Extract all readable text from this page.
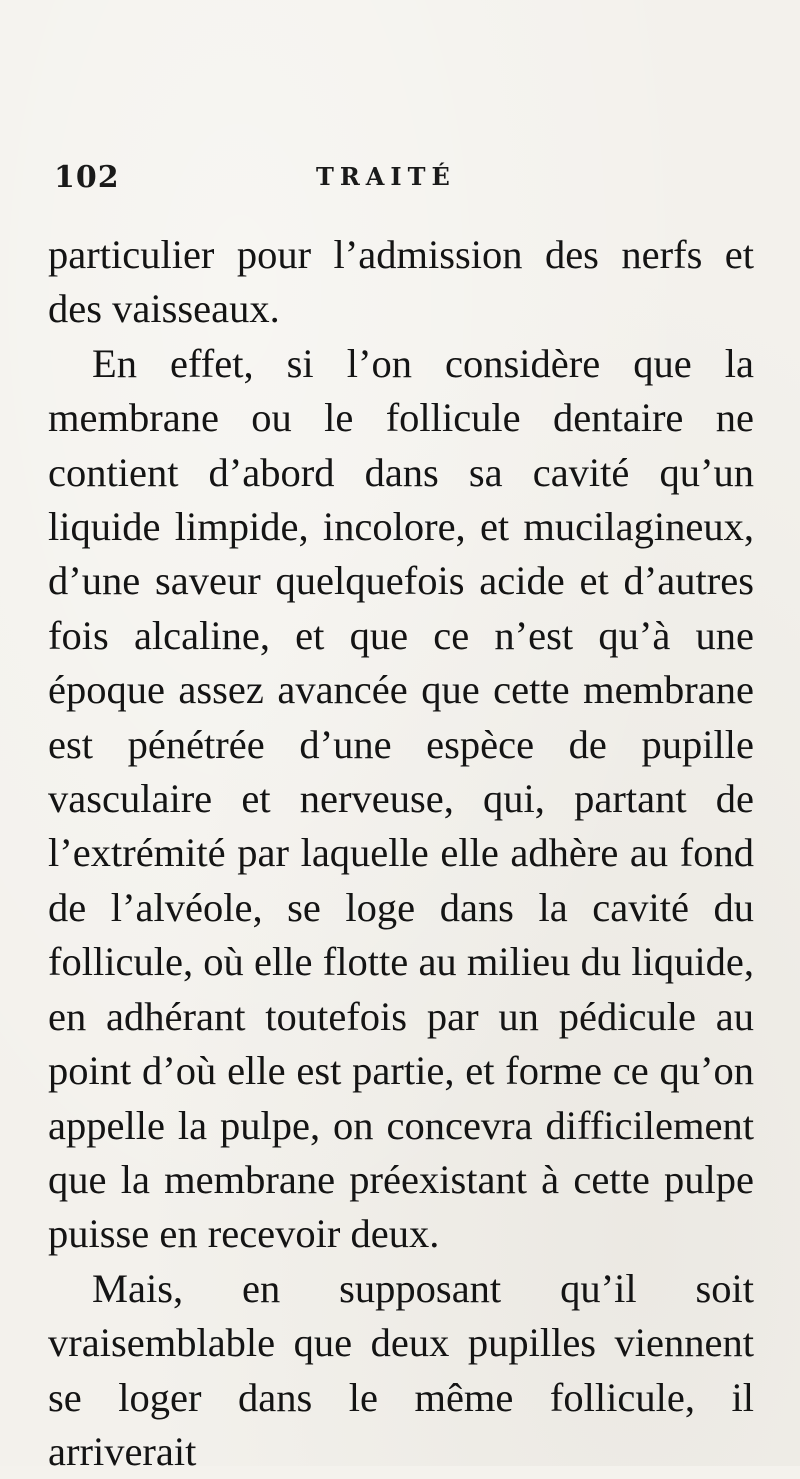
102	TRAITÉ

particulier pour l’admission des nerfs et des vaisseaux.

En effet, si l’on considère que la membrane ou le follicule dentaire ne contient d’abord dans sa cavité qu’un liquide limpide, incolore, et mucilagineux, d’une saveur quelquefois acide et d’autres fois alcaline, et que ce n’est qu’à une époque assez avancée que cette membrane est pénétrée d’une espèce de pupille vasculaire et nerveuse, qui, partant de l’extrémité par laquelle elle adhère au fond de l’alvéole, se loge dans la cavité du follicule, où elle flotte au milieu du liquide, en adhérant toutefois par un pédicule au point d’où elle est partie, et forme ce qu’on appelle la pulpe, on concevra difficilement que la membrane préexistant à cette pulpe puisse en recevoir deux.

Mais, en supposant qu’il soit vraisemblable que deux pupilles viennent se loger dans le même follicule, il arriverait
